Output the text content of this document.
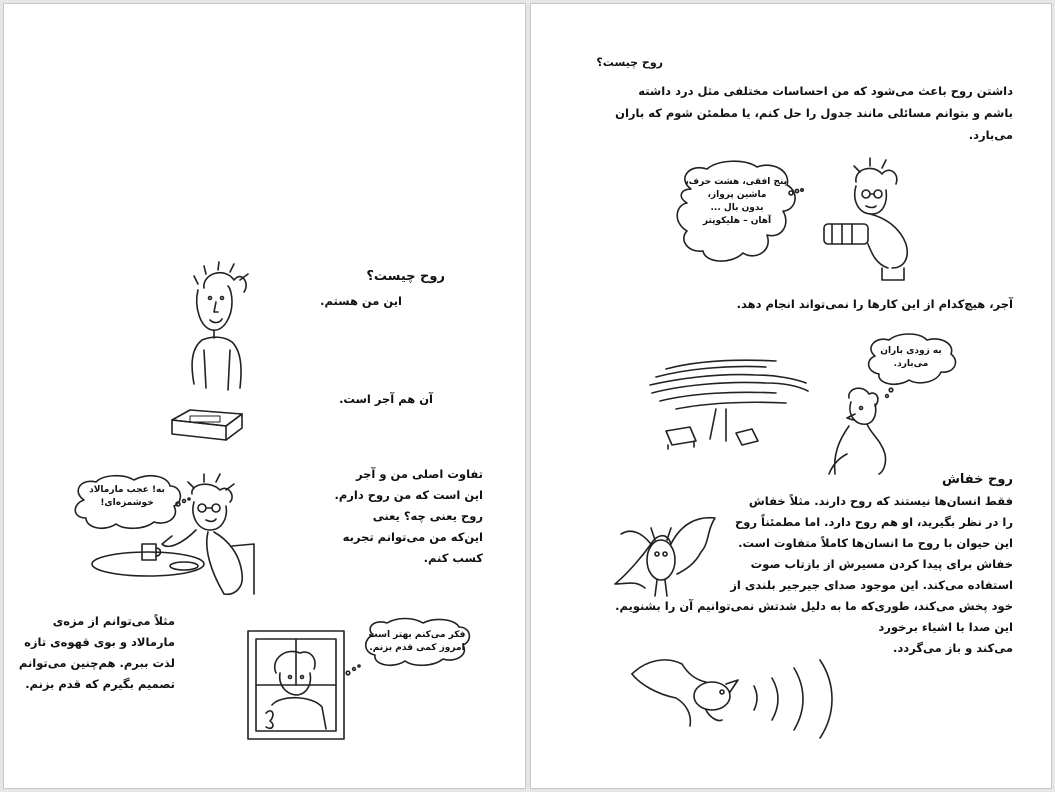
روح چیست؟
این من هستم.
آن هم آجر است.
تفاوت اصلی من و آجر
این است که من روح دارم.
روح یعنی چه؟ یعنی
این‌که من می‌توانم تجربه
کسب کنم.
به! عجب مارمالاد
خوشمزه‌ای!
مثلاً می‌توانم از مزه‌ی
مارمالاد و بوی قهوه‌ی تازه
لذت ببرم. هم‌چنین می‌توانم
تصمیم بگیرم که قدم بزنم.
فکر می‌کنم بهتر است
امروز کمی قدم بزنم.
روح چیست؟
داشتن روح باعث می‌شود که من احساسات مختلفی مثل درد داشته
باشم و بتوانم مسائلی مانند جدول را حل کنم، یا مطمئن شوم که باران
می‌بارد.
پنج افقی، هشت حرف،
ماشین پرواز،
بدون بال ...
آهان – هلیکوپتر
آجر، هیچ‌کدام از این کارها را نمی‌تواند انجام دهد.
به زودی باران
می‌بارد.
روح خفاش
فقط انسان‌ها نیستند که روح دارند. مثلاً خفاش
را در نظر بگیرید، او هم روح دارد. اما مطمئناً روح
این حیوان با روح ما انسان‌ها کاملاً متفاوت است.
خفاش برای پیدا کردن مسیرش از بازتاب صوت
استفاده می‌کند. این موجود صدای جیرجیر بلندی از
خود پخش می‌کند، طوری‌که ما به دلیل شدتش نمی‌توانیم آن را بشنویم.
این صدا با اشیاء برخورد
می‌کند و باز می‌گردد.
